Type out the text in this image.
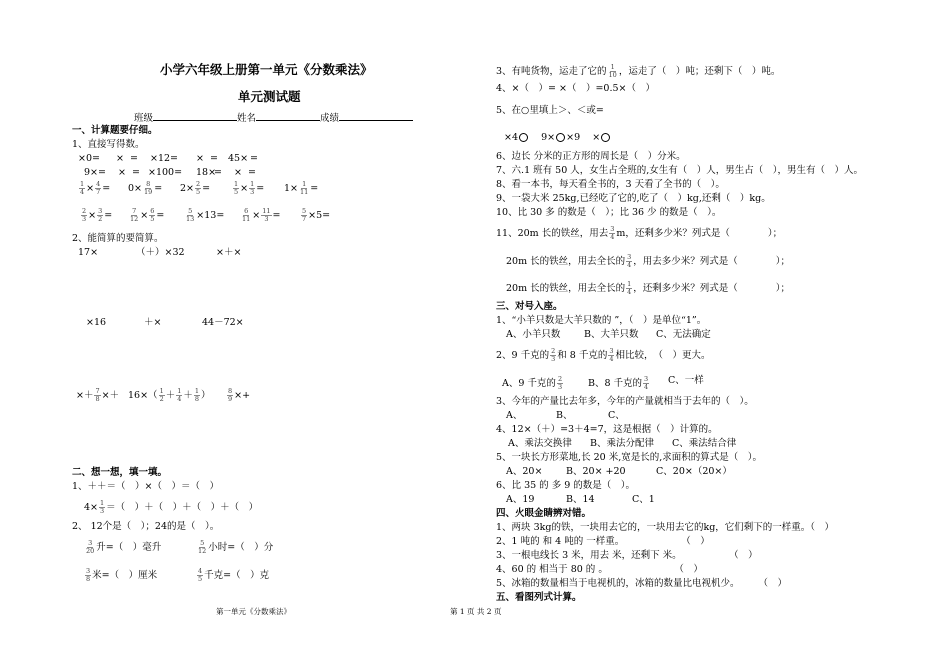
小学六年级上册第一单元《分数乘法》
单元测试题
班级	姓名	成绩
一、计算题要仔细。
1、直接写得数。
×0= × = ×12= × = 45× =
9×= × = ×100= 18×
= × =
$\frac{1}{4} \times \frac{4}{7} = 0\times \frac{8}{19} = 2\times \frac{2}{5}$ =	$\frac{1}{5} \times \frac{1}{3} = 1\times \frac{1}{11}$ =
$\frac{2}{3} \times \frac{3}{2}$ =	$\frac{7}{12} \times \frac{6}{5}$ =	$\frac{5}{13} \times 13=$	$\frac{6}{11} \times \frac{11}{3}$ =	$\frac{5}{7} \times 5=$
2、能简算的要简算。
17×	（＋）×32	×＋×
×16	＋×	44－72×
×＋ $\frac{7}{8} \times+ 16\times( \frac{1}{2} + \frac{1}{4} + \frac{1}{8}$ ）	$\frac{8}{9}$ ×+
二、想一想，填一填。
1、＋＋＝（　）×（　）＝（　）
$4\times \frac{1}{3}$ ＝（　）＋（　）＋（　）＋（　）
2、 12个是（　）；24的是（　）。
$\frac{3}{20}$ 升=（　）毫升	$\frac{5}{12}$ 小时=（　）分
$\frac{3}{8}$ 米=（　）厘米	$\frac{4}{5}$ 千克=（　）克
第一单元《分数乘法》
3、有吨货物，运走了它的 $\frac{1}{10}$ ，运走了（　）吨；还剩下（　）吨。
4、×（　）= ×（　）=0.5×（　）
5、在○里填上＞、＜或=
×4 9× ×9 ×
6、边长 分米的正方形的周长是（　）分米。
7、六.1 班有 50 人，女生占全班的,女生有（　）人，男生占（　），男生有（　）人。
8、看一本书，每天看全书的，3 天看了全书的（　）。
9、一袋大米 25kg,已经吃了它的,吃了（　）kg,还剩（　）kg。
10、比 30 多 的数是（　）；比 36 少 的数是（　）。
11、20m 长的铁丝，用去 $\frac{3}{4}$ m，还剩多少米？列式是（　　　　）；
20m 长的铁丝，用去全长的 $\frac{3}{4}$ ，用去多少米？列式是（　　　　）；
20m 长的铁丝，用去全长的 $\frac{1}{4}$ ，还剩多少米？列式是（　　　　）；
三、对号入座。
1、“小羊只数是大羊只数的 ”，（　）是单位“1”。
A、小羊只数 B、大羊只数 C、无法确定
2、9 千克的 $\frac{2}{3}$ 和 8 千克的 $\frac{3}{4}$ 相比较，　（　）更大。
A、9 千克的 $\frac{2}{3}$	B、8 千克的 $\frac{3}{4}$ C、一样
3、今年的产量比去年多，今年的产量就相当于去年的（　）。
A、	B、	C、
4、12×（＋）=3＋4=7，这是根据（　）计算的。
A、乘法交换律 B、乘法分配律 C、乘法结合律
5、一块长方形菜地,长 20 米,宽是长的,求面积的算式是（　）。
A、20× B、20× +20	C、20×（20×）
6、比 35 的 多 9 的数是（　）。
A、19	B、14	C、1
四、火眼金睛辨对错。
1、两块 3kg的铁，一块用去它的，一块用去它的kg，它们剩下的一样重。（　）
2、1 吨的 和 4 吨的 一样重。　　　　　　　（　）
3、一根电线长 3 米，用去 米，还剩下 米。　　　　　　（　）
4、60 的 相当于 80 的 。　　　　　　　　（　）
5、冰箱的数量相当于电视机的，冰箱的数量比电视机少。　　　（　）
五、看图列式计算。
第 1 页 共 2 页
